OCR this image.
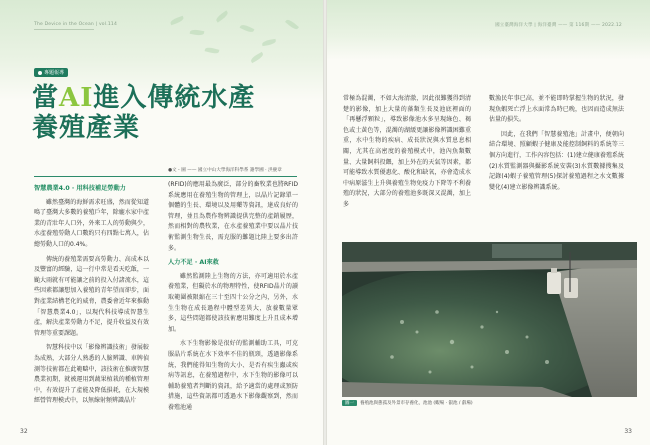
The Device in the Ocean | vol.114
專題報導
當AI進入傳統水產
養殖產業
●文・圖 —— 國立中山大學海洋科學系 謝學圃 · 洪慶章

智慧農業4.0 · 用科技補足勞動力

雖然臺灣的海鮮需求旺盛，然而從知道鳴了臺灣大多數的養殖戶年，除龐水家中產業的青壯年人口外，外來工人的勞動與少，水產養殖勞動人口數約只有四點七萬人，佔總勞動人口的0.4%。

傳統的養殖業需要高勞動力、高成本以及豐富的經驗，這一行中常是看天吃飯，一颱大雨就有可能讓之前的投入付諸流水，這些因素都讓想加入養殖的青年望而卻步，面對產業結構老化的威脅，農委會近年來推動「智慧農業4.0」，以現代科技導成智慧生產，解決產業勞動力不足，提升收益及有效管理等重要課題。

智慧科技中以「影像辨識技術」發展較為成熟，大部分人熟悉的人臉辨識、車牌偵測等技術都在此範疇中，該技術在推廣智慧農業初期，就被運用到蔬果植栽的種植管理中，有效提升了產能及降低損耗，在大規模經營管理模式中，以無線射頻辨識晶片

(RFID)的應用最為廣泛，部分的畜牧業也將RFID系統應用在養殖生物的管理上，以晶片記錄單一個體的生長、環境以及用藥等資訊，達成良好的管理，並且為農作物辨識提供完整的產銷履歷，然而相對的農牧業，在水產養殖業中要以晶片技術監測生物生長，需克服的難題比陸上要多出許多。

人力不足 · AI來救

雖然監測陸上生物的方法，亦可適用於水產養殖業，但礙於水的物理特性，使RFID晶片的讀取範圍被限縮在三十至四十公分之內，另外，水生生物在成長過程中體型差異大，放養數量眾多，這些問題都使該技術應用難度上升且成本增加。

水下生物影像是很好的監測輔助工具，可克服晶片系統在水下效率不佳的瓶頸，透過影像系統，我們能得知生物的大小、是否有疾生蟲或疾病等訊息，在養殖過程中，水下生物的影像可以輔助養殖者判斷的資訊，給予適當的處理或預防措施，這些資訊都可透過水下影像觀察到，然而養殖池通

32
國立臺灣海洋大學 | 海洋臺灣 —— 第 116期 —— 2022.12

常極為混濁，不如大海清澈，因此很難獲得到清楚的影像，加上大量的藻類生長及池底裡面的「再懸浮顆粒」，導致影像池水多呈現綠色、褐色或土黃色等，混濁的湖緩更讓影像辨識困難重重，水中生物的疾病、成長狀況與水質息息相關，尤其在高密度的養殖模式中，池內魚類數量、大量飼料投餵，加上外在的天氣等因素，都可能導致水質優惠化、酸化和缺氧，亦會造成水中病原滋生上升與養殖生物免疫力下降等不利養殖的狀況，大部分的養殖池多既深又混濁，加上多

數漁民年事已高，並不能即時掌握生物的狀況，發現魚蝦死亡浮上水面常為時已晚，也因而造成無法估量的損失。

因此，在我們「智慧養殖池」計畫中，便朝向結合環境、照顧蝦子健康及能控制飼料的系統等三個方向進行，工作內容包括：(1)建立健康養殖系統(2)水質監測器與攝影系統安裝(3)水質數據搜集及記錄(4)蝦子養殖管理(5)探討養殖過程之水文數據變化(4)建立影像辨識系統。

圖一 養殖池與蔥孤及外景市存養化，池池 (蝦場 · 叡池 / 叡場)
33
